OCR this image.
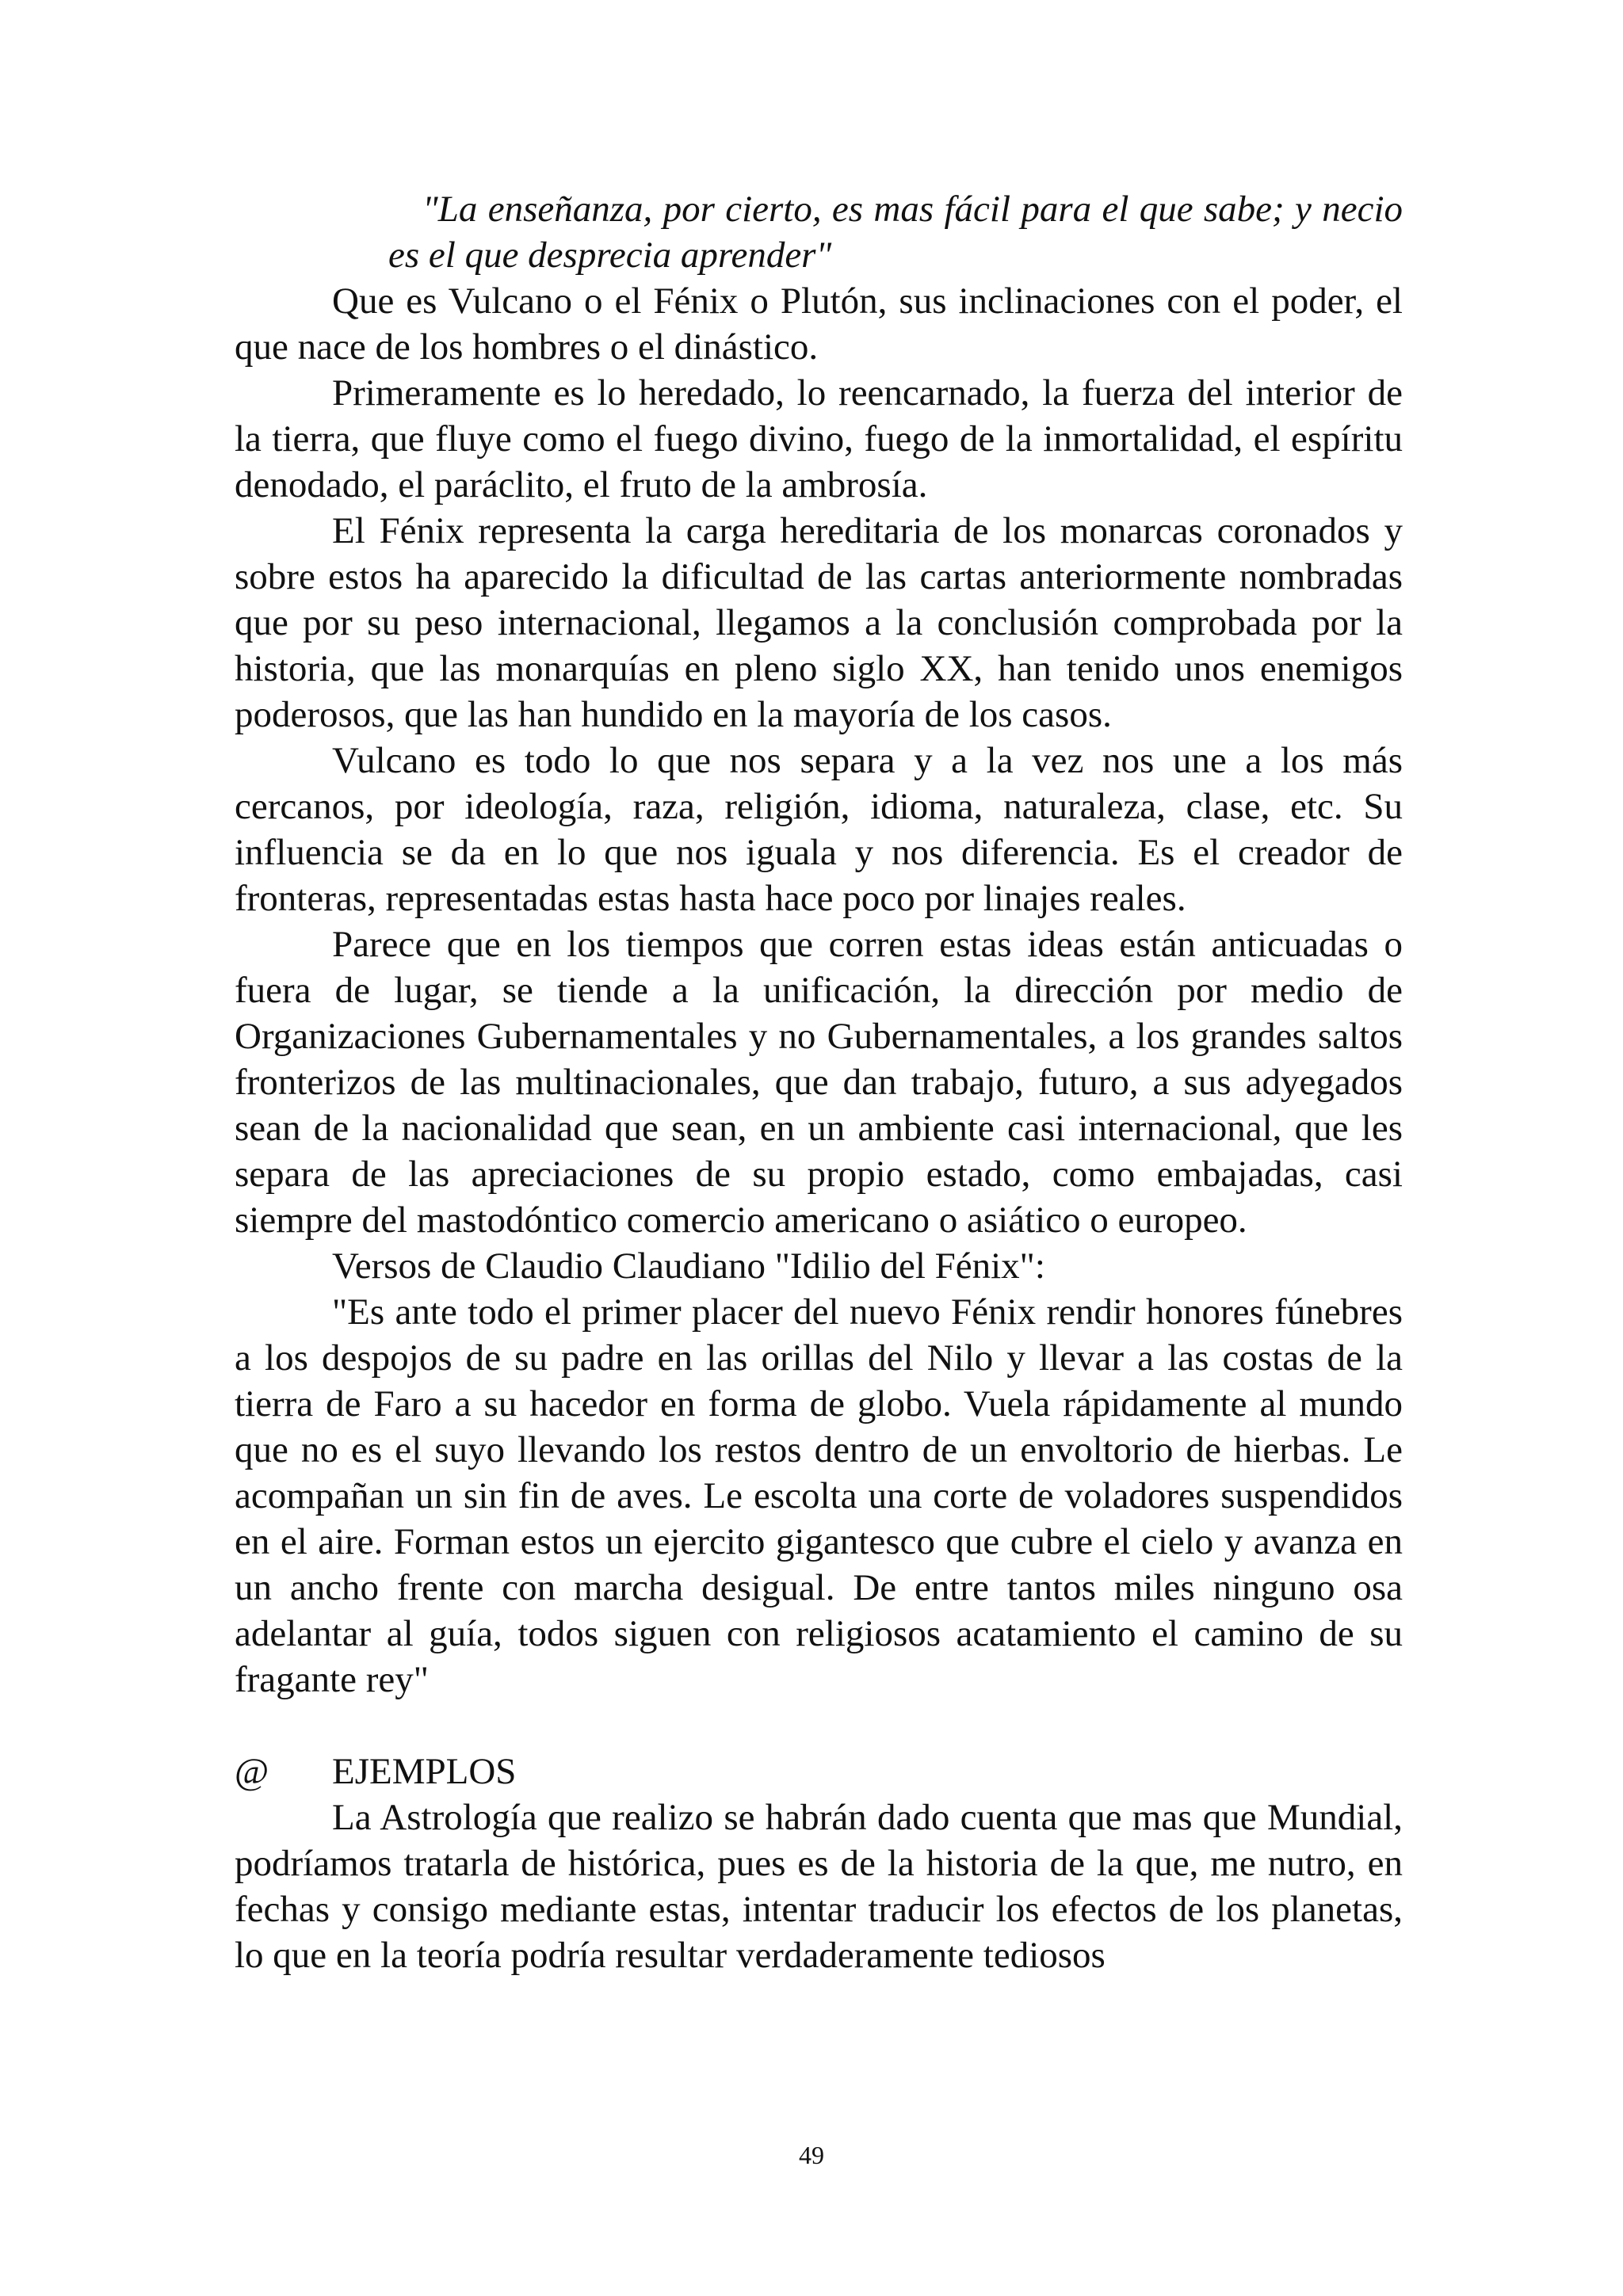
"La enseñanza, por cierto, es mas fácil para el que sabe; y necio es el que desprecia aprender"

Que es Vulcano o el Fénix o Plutón, sus inclinaciones con el poder, el que nace de los hombres o el dinástico.

Primeramente es lo heredado, lo reencarnado, la fuerza del interior de la tierra, que fluye como el fuego divino, fuego de la inmortalidad, el espíritu denodado, el paráclito, el fruto de la ambrosía.

El Fénix representa la carga hereditaria de los monarcas coronados y sobre estos ha aparecido la dificultad de las cartas anteriormente nombradas que por su peso internacional, llegamos a la conclusión comprobada por la historia, que las monarquías en pleno siglo XX, han tenido unos enemigos poderosos, que las han hundido en la mayoría de los casos.

Vulcano es todo lo que nos separa y a la vez nos une a los más cercanos, por ideología, raza, religión, idioma, naturaleza, clase, etc. Su influencia se da en lo que nos iguala y nos diferencia. Es el creador de fronteras, representadas estas hasta hace poco por linajes reales.

Parece que en los tiempos que corren estas ideas están anticuadas o fuera de lugar, se tiende a la unificación, la dirección por medio de Organizaciones Gubernamentales y no Gubernamentales, a los grandes saltos fronterizos de las multinacionales, que dan trabajo, futuro, a sus adyegados sean de la nacionalidad que sean, en un ambiente casi internacional, que les separa de las apreciaciones de su propio estado, como embajadas, casi siempre del mastodóntico comercio americano o asiático o europeo.

Versos de Claudio Claudiano "Idilio del Fénix":

"Es ante todo el primer placer del nuevo Fénix rendir honores fúnebres a los despojos de su padre en las orillas del Nilo y llevar a las costas de la tierra de Faro a su hacedor en forma de globo. Vuela rápidamente al mundo que no es el suyo llevando los restos dentro de un envoltorio de hierbas. Le acompañan un sin fin de aves. Le escolta una corte de voladores suspendidos en el aire. Forman estos un ejercito gigantesco que cubre el cielo y avanza en un ancho frente con marcha desigual. De entre tantos miles ninguno osa adelantar al guía, todos siguen con religiosos acatamiento el camino de su fragante rey"

@	EJEMPLOS

La Astrología que realizo se habrán dado cuenta que mas que Mundial, podríamos tratarla de histórica, pues es de la historia de la que, me nutro, en fechas y consigo mediante estas, intentar traducir los efectos de los planetas, lo que en la teoría podría resultar verdaderamente tediosos

49
